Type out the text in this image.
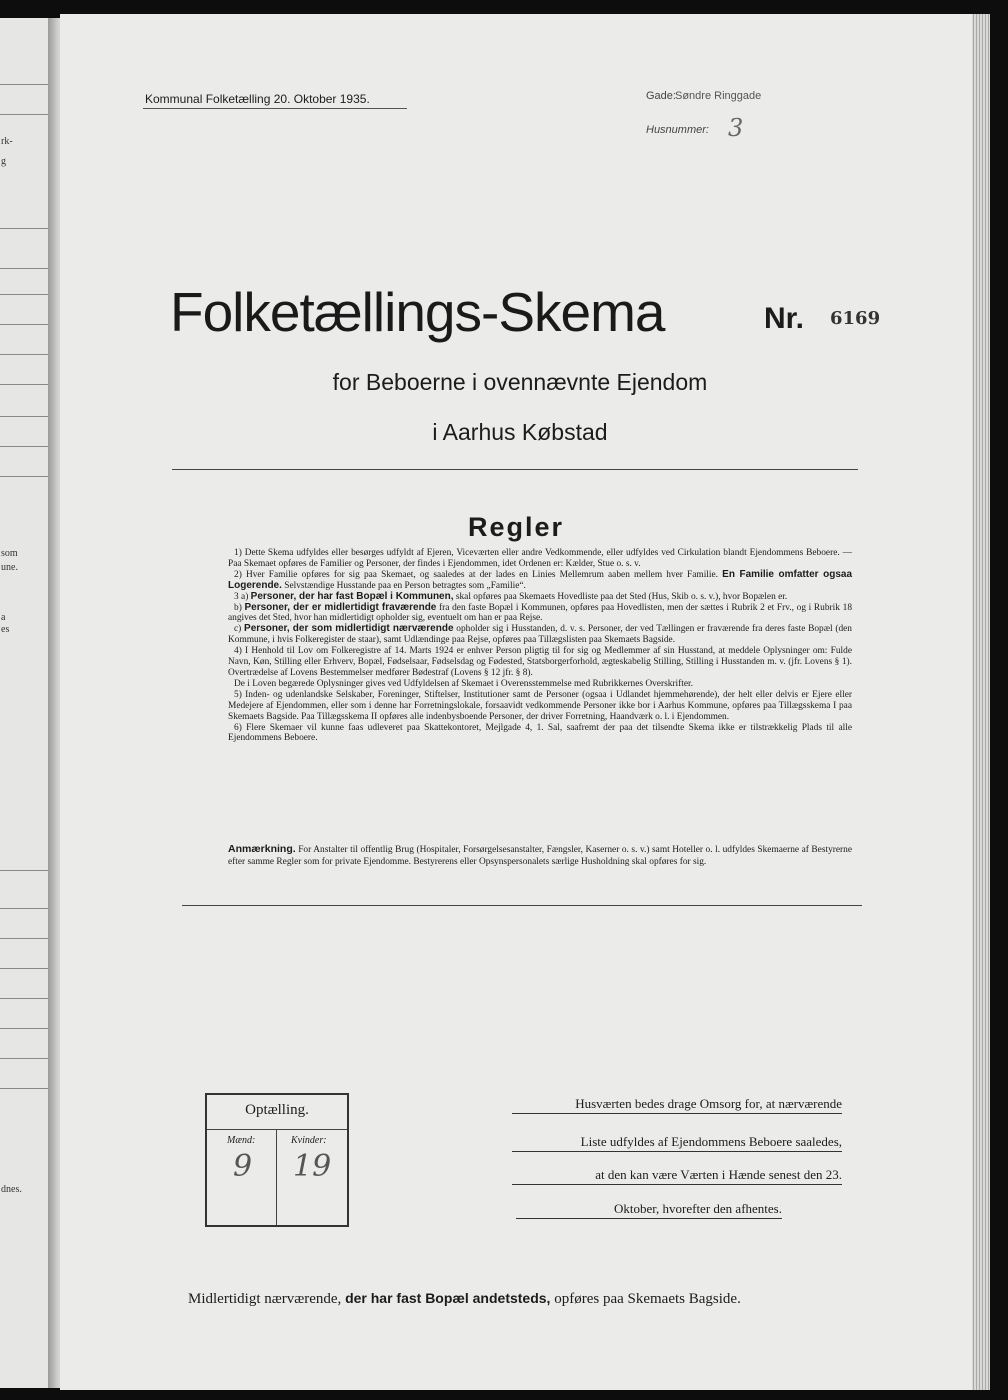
rk-
g
som
une.
a
es
dnes.
Kommunal Folketælling 20. Oktober 1935.	Gade: Søndre Ringgade
Husnummer: 3
Folketællings-Skema	Nr. 6169
for Beboerne i ovennævnte Ejendom
i Aarhus Købstad
Regler

1) Dette Skema udfyldes eller besørges udfyldt af Ejeren, Viceværten eller andre Vedkommende, eller udfyldes ved Cirkulation blandt Ejendommens Beboere. — Paa Skemaet opføres de Familier og Personer, der findes i Ejendommen, idet Ordenen er: Kælder, Stue o. s. v.

2) Hver Familie opføres for sig paa Skemaet, og saaledes at der lades en Linies Mellemrum aaben mellem hver Familie. En Familie omfatter ogsaa Logerende. Selvstændige Husstande paa en Person betragtes som „Familie“.

3 a) Personer, der har fast Bopæl i Kommunen, skal opføres paa Skemaets Hovedliste paa det Sted (Hus, Skib o. s. v.), hvor Bopælen er.

b) Personer, der er midlertidigt fraværende fra den faste Bopæl i Kommunen, opføres paa Hovedlisten, men der sættes i Rubrik 2 et Frv., og i Rubrik 18 angives det Sted, hvor han midlertidigt opholder sig, eventuelt om han er paa Rejse.

c) Personer, der som midlertidigt nærværende opholder sig i Husstanden, d. v. s. Personer, der ved Tællingen er fraværende fra deres faste Bopæl (den Kommune, i hvis Folkeregister de staar), samt Udlændinge paa Rejse, opføres paa Tillægslisten paa Skemaets Bagside.

4) I Henhold til Lov om Folkeregistre af 14. Marts 1924 er enhver Person pligtig til for sig og Medlemmer af sin Husstand, at meddele Oplysninger om: Fulde Navn, Køn, Stilling eller Erhverv, Bopæl, Fødselsaar, Fødselsdag og Fødested, Statsborgerforhold, ægteskabelig Stilling, Stilling i Husstanden m. v. (jfr. Lovens § 1). Overtrædelse af Lovens Bestemmelser medfører Bødestraf (Lovens § 12 jfr. § 8).

De i Loven begærede Oplysninger gives ved Udfyldelsen af Skemaet i Overensstemmelse med Rubrikkernes Overskrifter.

5) Inden- og udenlandske Selskaber, Foreninger, Stiftelser, Institutioner samt de Personer (ogsaa i Udlandet hjemmehørende), der helt eller delvis er Ejere eller Medejere af Ejendommen, eller som i denne har Forretningslokale, forsaavidt vedkommende Personer ikke bor i Aarhus Kommune, opføres paa Tillægsskema I paa Skemaets Bagside. Paa Tillægsskema II opføres alle indenbysboende Personer, der driver Forretning, Haandværk o. l. i Ejendommen.

6) Flere Skemaer vil kunne faas udleveret paa Skattekontoret, Mejlgade 4, 1. Sal, saafremt der paa det tilsendte Skema ikke er tilstrækkelig Plads til alle Ejendommens Beboere.

Anmærkning. For Anstalter til offentlig Brug (Hospitaler, Forsørgelsesanstalter, Fængsler, Kaserner o. s. v.) samt Hoteller o. l. udfyldes Skemaerne af Bestyrerne efter samme Regler som for private Ejendomme. Bestyrerens eller Opsynspersonalets særlige Husholdning skal opføres for sig.
Optælling.
Mænd:	Kvinder:
9 19
Husværten bedes drage Omsorg for, at nærværende
Liste udfyldes af Ejendommens Beboere saaledes,
at den kan være Værten i Hænde senest den 23.
Oktober, hvorefter den afhentes.
Midlertidigt nærværende, der har fast Bopæl andetsteds, opføres paa Skemaets Bagside.
